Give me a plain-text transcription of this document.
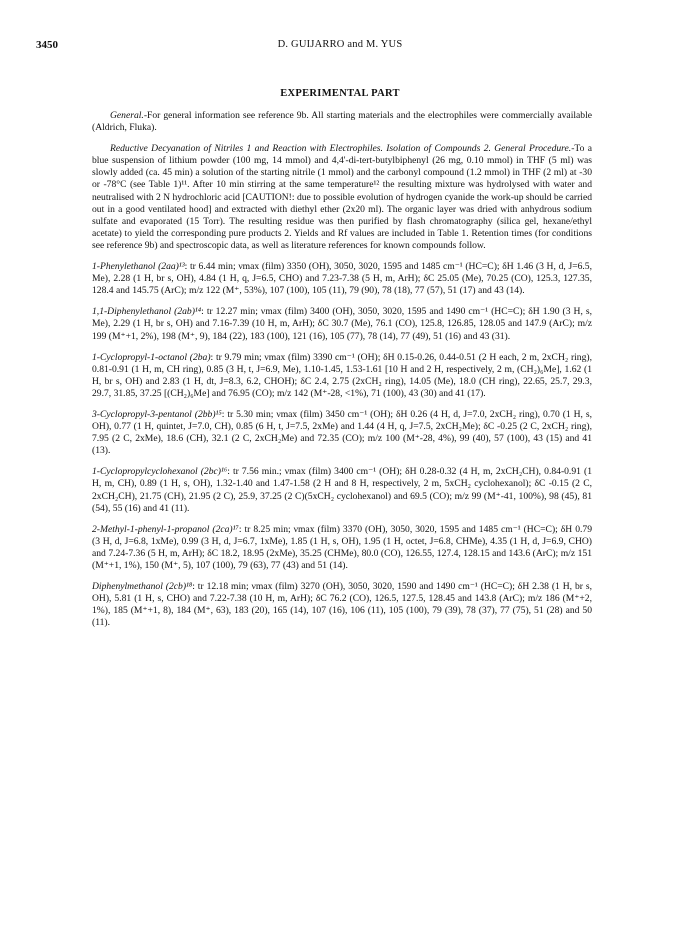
3450	D. GUIJARRO and M. YUS
EXPERIMENTAL PART

General.-For general information see reference 9b. All starting materials and the electrophiles were commercially available (Aldrich, Fluka).

Reductive Decyanation of Nitriles 1 and Reaction with Electrophiles. Isolation of Compounds 2. General Procedure.-To a blue suspension of lithium powder (100 mg, 14 mmol) and 4,4'-di-tert-butylbiphenyl (26 mg, 0.10 mmol) in THF (5 ml) was slowly added (ca. 45 min) a solution of the starting nitrile (1 mmol) and the carbonyl compound (1.2 mmol) in THF (2 ml) at -30 or -78°C (see Table 1)¹¹. After 10 min stirring at the same temperature¹² the resulting mixture was hydrolysed with water and neutralised with 2 N hydrochloric acid [CAUTION!: due to possible evolution of hydrogen cyanide the work-up should be carried out in a good ventilated hood] and extracted with diethyl ether (2x20 ml). The organic layer was dried with anhydrous sodium sulfate and evaporated (15 Torr). The resulting residue was then purified by flash chromatography (silica gel, hexane/ethyl acetate) to yield the corresponding pure products 2. Yields and Rf values are included in Table 1. Retention times (for conditions see reference 9b) and spectroscopic data, as well as literature references for known compounds follow.

1-Phenylethanol (2aa)¹³: tr 6.44 min; νmax (film) 3350 (OH), 3050, 3020, 1595 and 1485 cm⁻¹ (HC=C); δH 1.46 (3 H, d, J=6.5, Me), 2.28 (1 H, br s, OH), 4.84 (1 H, q, J=6.5, CHO) and 7.23-7.38 (5 H, m, ArH); δC 25.05 (Me), 70.25 (CO), 125.3, 127.35, 128.4 and 145.75 (ArC); m/z 122 (M⁺, 53%), 107 (100), 105 (11), 79 (90), 78 (18), 77 (57), 51 (17) and 43 (14).

1,1-Diphenylethanol (2ab)¹⁴: tr 12.27 min; νmax (film) 3400 (OH), 3050, 3020, 1595 and 1490 cm⁻¹ (HC=C); δH 1.90 (3 H, s, Me), 2.29 (1 H, br s, OH) and 7.16-7.39 (10 H, m, ArH); δC 30.7 (Me), 76.1 (CO), 125.8, 126.85, 128.05 and 147.9 (ArC); m/z 199 (M⁺+1, 2%), 198 (M⁺, 9), 184 (22), 183 (100), 121 (16), 105 (77), 78 (14), 77 (49), 51 (16) and 43 (31).

1-Cyclopropyl-1-octanol (2ba): tr 9.79 min; νmax (film) 3390 cm⁻¹ (OH); δH 0.15-0.26, 0.44-0.51 (2 H each, 2 m, 2xCH₂ ring), 0.81-0.91 (1 H, m, CH ring), 0.85 (3 H, t, J=6.9, Me), 1.10-1.45, 1.53-1.61 [10 H and 2 H, respectively, 2 m, (CH₂)₆Me], 1.62 (1 H, br s, OH) and 2.83 (1 H, dt, J=8.3, 6.2, CHOH); δC 2.4, 2.75 (2xCH₂ ring), 14.05 (Me), 18.0 (CH ring), 22.65, 25.7, 29.3, 29.7, 31.85, 37.25 [(CH₂)₆Me] and 76.95 (CO); m/z 142 (M⁺-28, <1%), 71 (100), 43 (30) and 41 (17).

3-Cyclopropyl-3-pentanol (2bb)¹⁵: tr 5.30 min; νmax (film) 3450 cm⁻¹ (OH); δH 0.26 (4 H, d, J=7.0, 2xCH₂ ring), 0.70 (1 H, s, OH), 0.77 (1 H, quintet, J=7.0, CH), 0.85 (6 H, t, J=7.5, 2xMe) and 1.44 (4 H, q, J=7.5, 2xCH₂Me); δC -0.25 (2 C, 2xCH₂ ring), 7.95 (2 C, 2xMe), 18.6 (CH), 32.1 (2 C, 2xCH₂Me) and 72.35 (CO); m/z 100 (M⁺-28, 4%), 99 (40), 57 (100), 43 (15) and 41 (13).

1-Cyclopropylcyclohexanol (2bc)¹⁶: tr 7.56 min.; νmax (film) 3400 cm⁻¹ (OH); δH 0.28-0.32 (4 H, m, 2xCH₂CH), 0.84-0.91 (1 H, m, CH), 0.89 (1 H, s, OH), 1.32-1.40 and 1.47-1.58 (2 H and 8 H, respectively, 2 m, 5xCH₂ cyclohexanol); δC -0.15 (2 C, 2xCH₂CH), 21.75 (CH), 21.95 (2 C), 25.9, 37.25 (2 C)(5xCH₂ cyclohexanol) and 69.5 (CO); m/z 99 (M⁺-41, 100%), 98 (45), 81 (54), 55 (16) and 41 (11).

2-Methyl-1-phenyl-1-propanol (2ca)¹⁷: tr 8.25 min; νmax (film) 3370 (OH), 3050, 3020, 1595 and 1485 cm⁻¹ (HC=C); δH 0.79 (3 H, d, J=6.8, 1xMe), 0.99 (3 H, d, J=6.7, 1xMe), 1.85 (1 H, s, OH), 1.95 (1 H, octet, J=6.8, CHMe), 4.35 (1 H, d, J=6.9, CHO) and 7.24-7.36 (5 H, m, ArH); δC 18.2, 18.95 (2xMe), 35.25 (CHMe), 80.0 (CO), 126.55, 127.4, 128.15 and 143.6 (ArC); m/z 151 (M⁺+1, 1%), 150 (M⁺, 5), 107 (100), 79 (63), 77 (43) and 51 (14).

Diphenylmethanol (2cb)¹⁸: tr 12.18 min; νmax (film) 3270 (OH), 3050, 3020, 1590 and 1490 cm⁻¹ (HC=C); δH 2.38 (1 H, br s, OH), 5.81 (1 H, s, CHO) and 7.22-7.38 (10 H, m, ArH); δC 76.2 (CO), 126.5, 127.5, 128.45 and 143.8 (ArC); m/z 186 (M⁺+2, 1%), 185 (M⁺+1, 8), 184 (M⁺, 63), 183 (20), 165 (14), 107 (16), 106 (11), 105 (100), 79 (39), 78 (37), 77 (75), 51 (28) and 50 (11).
